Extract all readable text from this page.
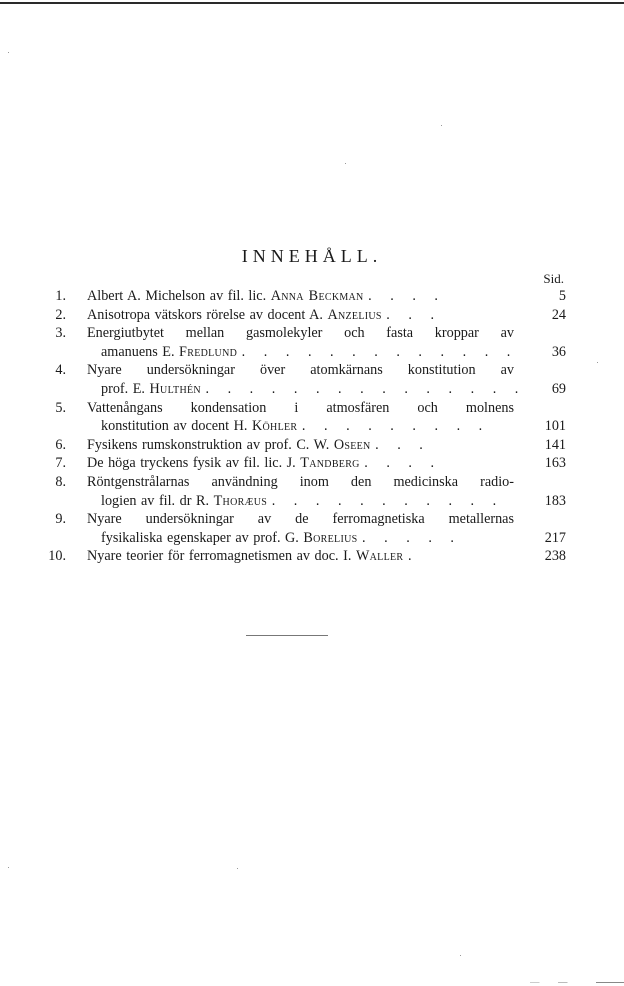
INNEHÅLL.
Sid.
1. Albert A. Michelson av fil. lic. Anna Beckman . . . .	5
2. Anisotropa vätskors rörelse av docent A. Anzelius . . .	24
3. Energiutbytet mellan gasmolekyler och fasta kroppar av
amanuens E. Fredlund . . . . . . . . . . . . .	36
4. Nyare undersökningar över atomkärnans konstitution av
prof. E. Hulthén . . . . . . . . . . . . . . .	69
5. Vattenångans kondensation i atmosfären och molnens
konstitution av docent H. Köhler . . . . . . . . .	101
6. Fysikens rumskonstruktion av prof. C. W. Oseen . . .	141
7. De höga tryckens fysik av fil. lic. J. Tandberg . . . .	163
8. Röntgenstrålarnas användning inom den medicinska radio-
logien av fil. dr R. Thoræus . . . . . . . . . . .	183
9. Nyare undersökningar av de ferromagnetiska metallernas
fysikaliska egenskaper av prof. G. Borelius . . . . .	217
10. Nyare teorier för ferromagnetismen av doc. I. Waller .	238
